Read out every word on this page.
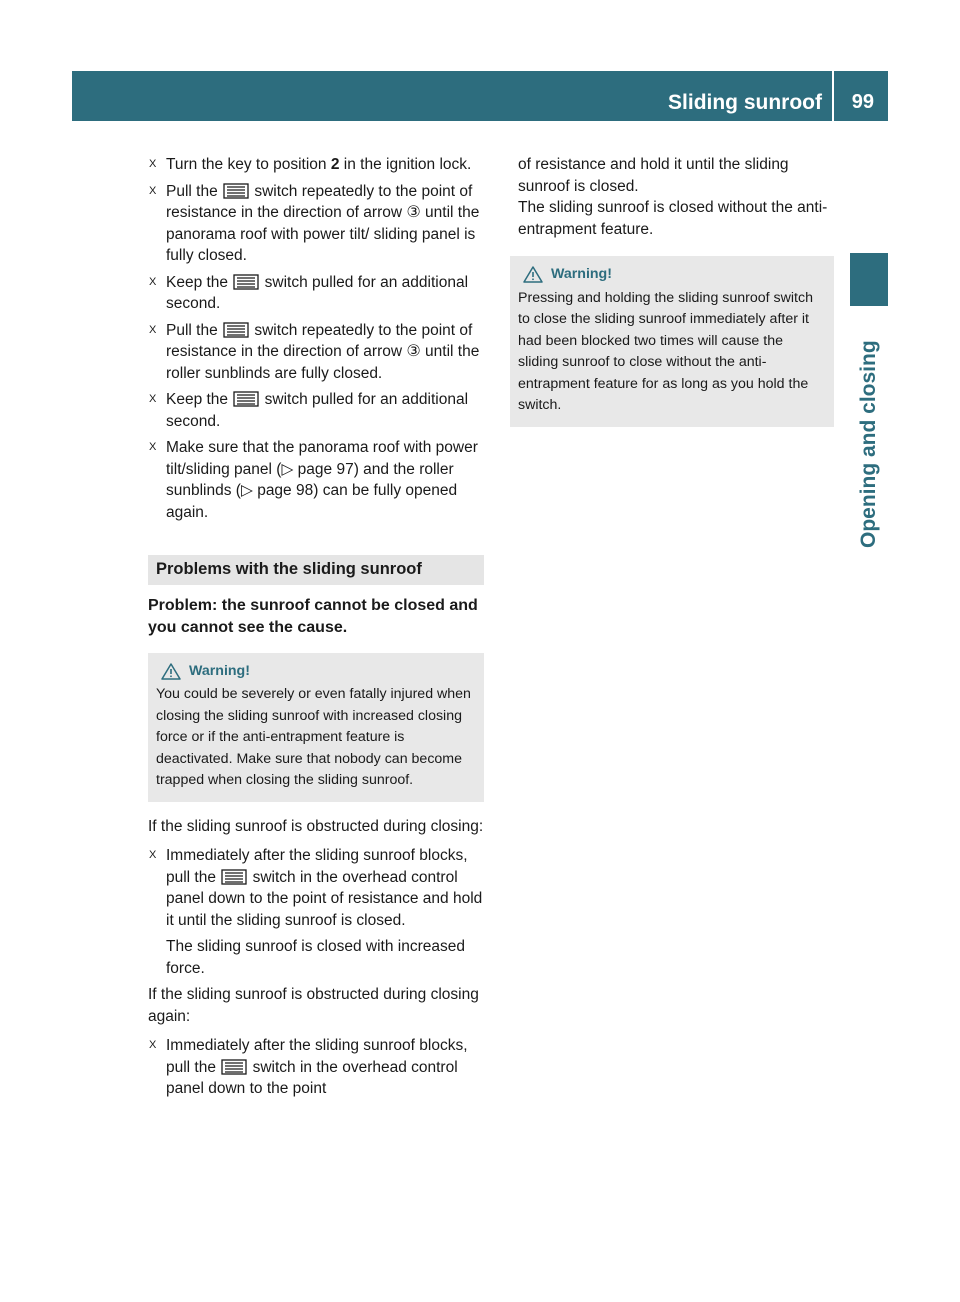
Sliding sunroof 99
Opening and closing
X Turn the key to position 2 in the ignition lock.
X Pull the  switch repeatedly to the point of resistance in the direction of arrow ③ until the panorama roof with power tilt/ sliding panel is fully closed.
X Keep the  switch pulled for an additional second.
X Pull the  switch repeatedly to the point of resistance in the direction of arrow ③ until the roller sunblinds are fully closed.
X Keep the  switch pulled for an additional second.
X Make sure that the panorama roof with power tilt/sliding panel (▷ page 97) and the roller sunblinds (▷ page 98) can be fully opened again.
Problems with the sliding sunroof
Problem: the sunroof cannot be closed and you cannot see the cause.
Warning!
You could be severely or even fatally injured when closing the sliding sunroof with increased closing force or if the anti-entrapment feature is deactivated. Make sure that nobody can become trapped when closing the sliding sunroof.
If the sliding sunroof is obstructed during closing:
X Immediately after the sliding sunroof blocks, pull the  switch in the overhead control panel down to the point of resistance and hold it until the sliding sunroof is closed.
The sliding sunroof is closed with increased force.
If the sliding sunroof is obstructed during closing again:
X Immediately after the sliding sunroof blocks, pull the  switch in the overhead control panel down to the point
of resistance and hold it until the sliding sunroof is closed.
The sliding sunroof is closed without the anti-entrapment feature.
Warning!
Pressing and holding the sliding sunroof switch to close the sliding sunroof immediately after it had been blocked two times will cause the sliding sunroof to close without the anti-entrapment feature for as long as you hold the switch.
